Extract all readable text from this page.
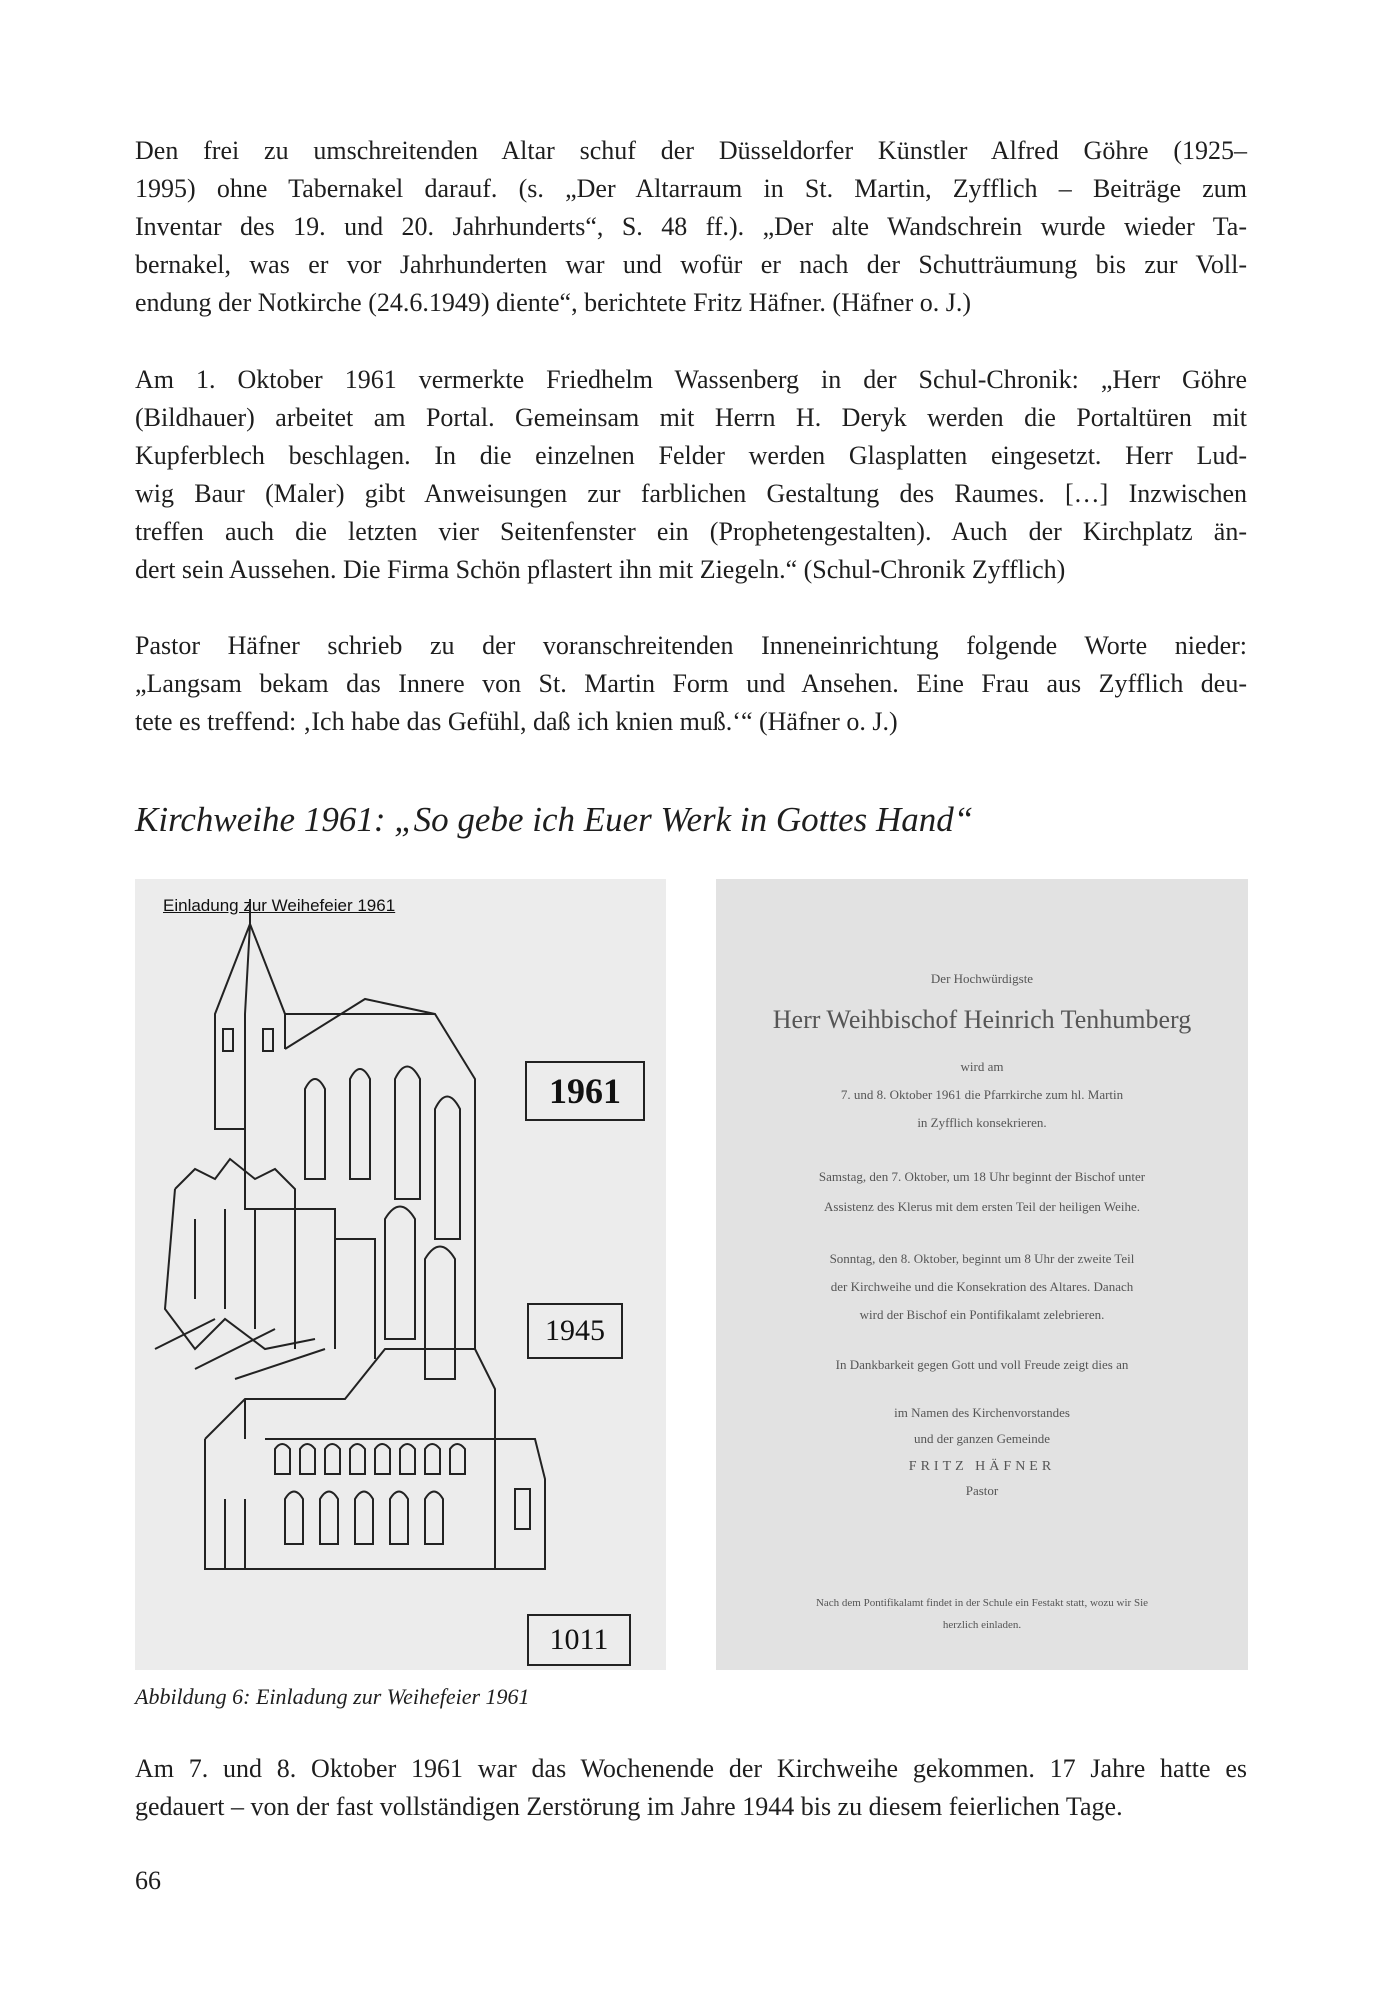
Den frei zu umschreitenden Altar schuf der Düsseldorfer Künstler Alfred Göhre (1925–
1995) ohne Tabernakel darauf. (s. „Der Altarraum in St. Martin, Zyfflich – Beiträge zum
Inventar des 19. und 20. Jahrhunderts“, S. 48 ff.). „Der alte Wandschrein wurde wieder Ta-
bernakel, was er vor Jahrhunderten war und wofür er nach der Schutträumung bis zur Voll-
endung der Notkirche (24.6.1949) diente“, berichtete Fritz Häfner. (Häfner o. J.)
Am 1. Oktober 1961 vermerkte Friedhelm Wassenberg in der Schul-Chronik: „Herr Göhre
(Bildhauer) arbeitet am Portal. Gemeinsam mit Herrn H. Deryk werden die Portaltüren mit
Kupferblech beschlagen. In die einzelnen Felder werden Glasplatten eingesetzt. Herr Lud-
wig Baur (Maler) gibt Anweisungen zur farblichen Gestaltung des Raumes. […] Inzwischen
treffen auch die letzten vier Seitenfenster ein (Prophetengestalten). Auch der Kirchplatz än-
dert sein Aussehen. Die Firma Schön pflastert ihn mit Ziegeln.“ (Schul-Chronik Zyfflich)
Pastor Häfner schrieb zu der voranschreitenden Inneneinrichtung folgende Worte nieder:
„Langsam bekam das Innere von St. Martin Form und Ansehen. Eine Frau aus Zyfflich deu-
tete es treffend: ‚Ich habe das Gefühl, daß ich knien muß.‘“ (Häfner o. J.)
Kirchweihe 1961: „So gebe ich Euer Werk in Gottes Hand“
Einladung zur Weihefeier 1961
1961
1945
1011
Der Hochwürdigste
Herr Weihbischof Heinrich Tenhumberg
wird am
7. und 8. Oktober 1961 die Pfarrkirche zum hl. Martin
in Zyfflich konsekrieren.
Samstag, den 7. Oktober, um 18 Uhr beginnt der Bischof unter
Assistenz des Klerus mit dem ersten Teil der heiligen Weihe.
Sonntag, den 8. Oktober, beginnt um 8 Uhr der zweite Teil
der Kirchweihe und die Konsekration des Altares. Danach
wird der Bischof ein Pontifikalamt zelebrieren.
In Dankbarkeit gegen Gott und voll Freude zeigt dies an
im Namen des Kirchenvorstandes
und der ganzen Gemeinde
FRITZ HÄFNER
Pastor
Nach dem Pontifikalamt findet in der Schule ein Festakt statt, wozu wir Sie
herzlich einladen.

Abbildung 6: Einladung zur Weihefeier 1961

Am 7. und 8. Oktober 1961 war das Wochenende der Kirchweihe gekommen. 17 Jahre hatte es
gedauert – von der fast vollständigen Zerstörung im Jahre 1944 bis zu diesem feierlichen Tage.
66
